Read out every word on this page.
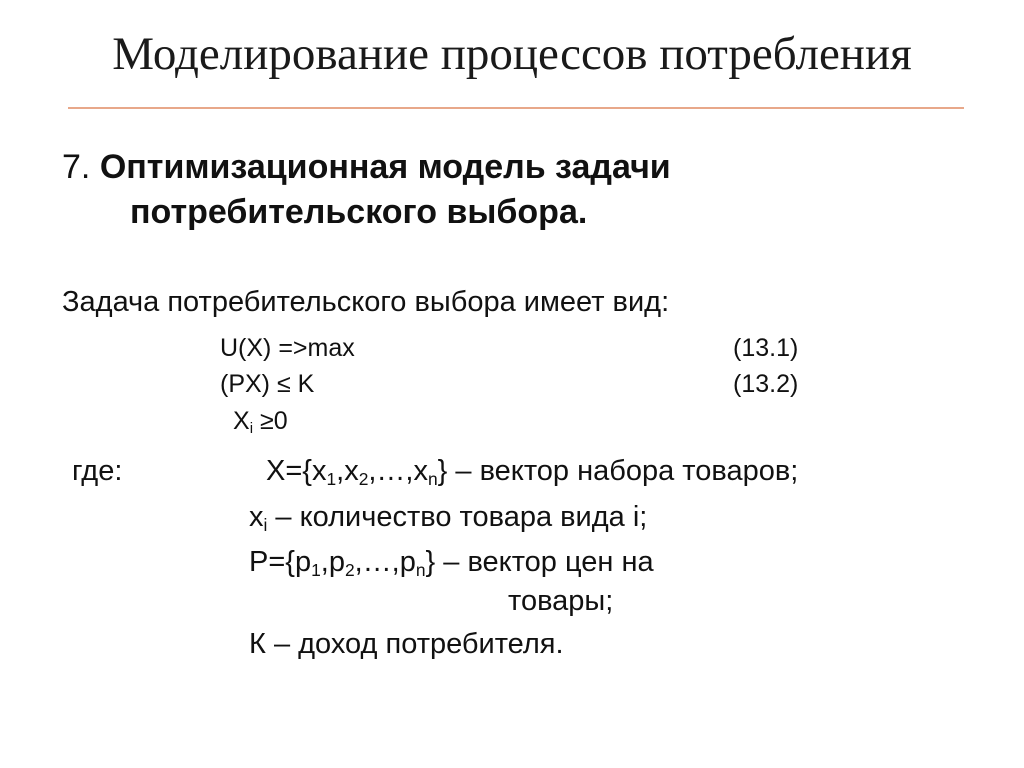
Моделирование процессов потребления
7. Оптимизационная модель задачи
потребительского выбора.
Задача потребительского выбора имеет вид:
U(X) =>max	(13.1)
(PX) ≤ K	(13.2)
$X_i \ge 0$
где:	$X=\{x_1,x_2,\dots,x_n\}$ – вектор набора товаров;
$x_i$ – количество товара вида i;
$P=\{p_1,p_2,\dots,p_n\}$ – вектор цен на
товары;
К – доход потребителя.
